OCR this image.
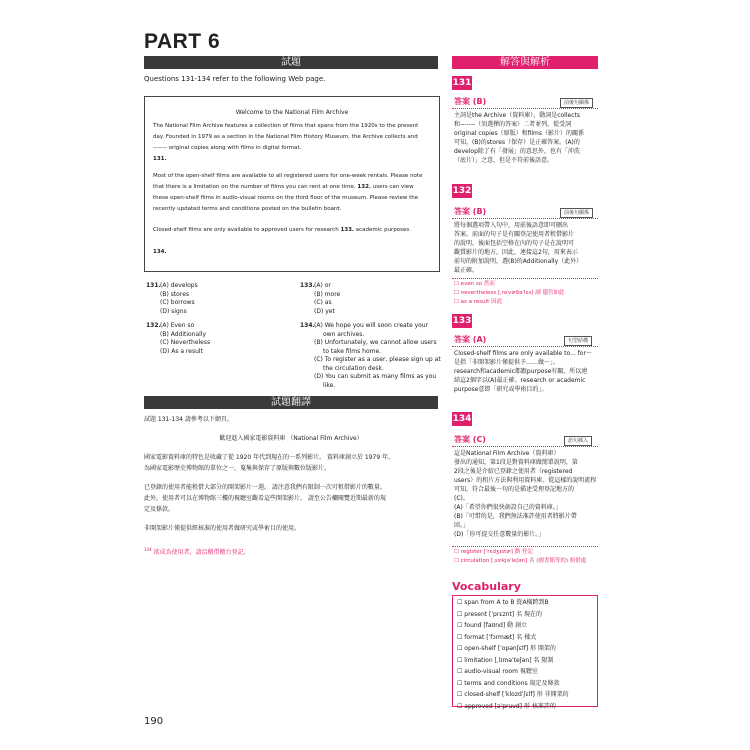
PART 6
試題
Questions 131-134 refer to the following Web page.
Welcome to the National Film Archive
The National Film Archive features a collection of films that spans from the 1920s to the present
day. Founded in 1979 as a section in the National Film History Museum, the Archive collects and
------- original copies along with films in digital format.
131.
Most of the open-shelf films are available to all registered users for one-week rentals. Please note
that there is a limitation on the number of films you can rent at one time. 132. users can view
these open-shelf films in audio-visual rooms on the third floor of the museum. Please review the
recently updated terms and conditions posted on the bulletin board.
Closed-shelf films are only available to approved users for research 133. academic purposes.
134.
131. (A) develops
(B) stores
(C) borrows
(D) signs
133. (A) or
(B) more
(C) as
(D) yet
132. (A) Even so
(B) Additionally
(C) Nevertheless
(D) As a result
134. (A) We hope you will soon create your
own archives.
(B) Unfortunately, we cannot allow users
to take films home.
(C) To register as a user, please sign up at
the circulation desk.
(D) You can submit as many films as you
like.
試題翻譯
試題 131-134 請參考以下網頁。
歡迎進入國家電影資料庫 （National Film Archive）
國家電影資料庫的特色是收藏了從 1920 年代到現在的一系列影片。 資料庫創立於 1979 年，
為國家電影歷史博物館的單位之一，蒐集與保存了原版與數位版影片。
已登錄的使用者能租借大部分的開架影片一週。 請注意我們有限制一次可租借影片的數量。
此外，使用者可以在博物館三樓的視聽室觀看這些開架影片。 請至公告欄閱覽近期最新的規
定及條款。
非開架影片僅提供經核准的使用者做研究或學術目的使用。
$^{134}$ 欲成為使用者，請洽櫃借櫃台登記。
190
解答與解析
131
答案 (B)	前後句關係
主詞是the Archive（資料庫），動詞是collects
和-------（須選擇的答案）二者並列，從受詞
original copies（原版）和films（影片）的關係
可知，(B)的stores（保存）是正確答案。(A)的
develop除了有「發展」的意思外，也有「沖洗
（底片）」之意，但是不符前後語意。
132
答案 (B)	前後句關係
將每個選項帶入句中，用前後語意即可刪出
答案。前面的句子是有關登記使用者租借影片
的說明，後面包括空格在內的句子是在說明可
觀賞影片的地方，因此，連接這2句，用來表示
前句的附加說明，選(B)的Additionally（此外）
最正確。
☐ even so 然而
☐ nevertheless [ˌnɛvɚðəˈlɛs] 副 儘管如此
☐ as a result 因此
133
答案 (A)	句型結構
Closed-shelf films are only available to... for～
是指「非開架影片僅提供予……做～」。
research和academic都跟purpose有關，所以連
結這2個字以(A)最正確。research or academic
purpose意即「研究或學術目的」。
134
答案 (C)	語句插入
這是National Film Archive（資料庫）
發出的通知，第1段是對資料庫做簡單說明，第
2段之後是介紹已登錄之使用者（registered
users）的租片方法與利用資料庫。從這樣的說明流程
可知，符合最後一句的是描述受理登記地方的
(C)。
(A)「希望你們很快創設自己的資料庫。」
(B)「可惜的是，我們無法准許使用者將影片帶
回。」
(D)「你可提交任意數量的影片。」
☐ register [ˈrɛdʒɪstɚ] 動 登記
☐ circulation [ˌsɝkjəˈleʃən] 名 (圖書館等的) 租借處
Vocabulary
☐ span from A to B 從A橫跨到B
☐ present [ˈprɛznt] 名 現在的
☐ found [faʊnd] 動 創立
☐ format [ˈfɔrmæt] 名 樣式
☐ open-shelf [ˈopənʃɛlf] 形 開架的
☐ limitation [ˌlɪməˈteʃən] 名 限制
☐ audio-visual room 視聽室
☐ terms and conditions 規定及條款
☐ closed-shelf [ˈklozdˈʃɛlf] 形 非開架的
☐ approved [əˈpruvd] 形 核准許的
